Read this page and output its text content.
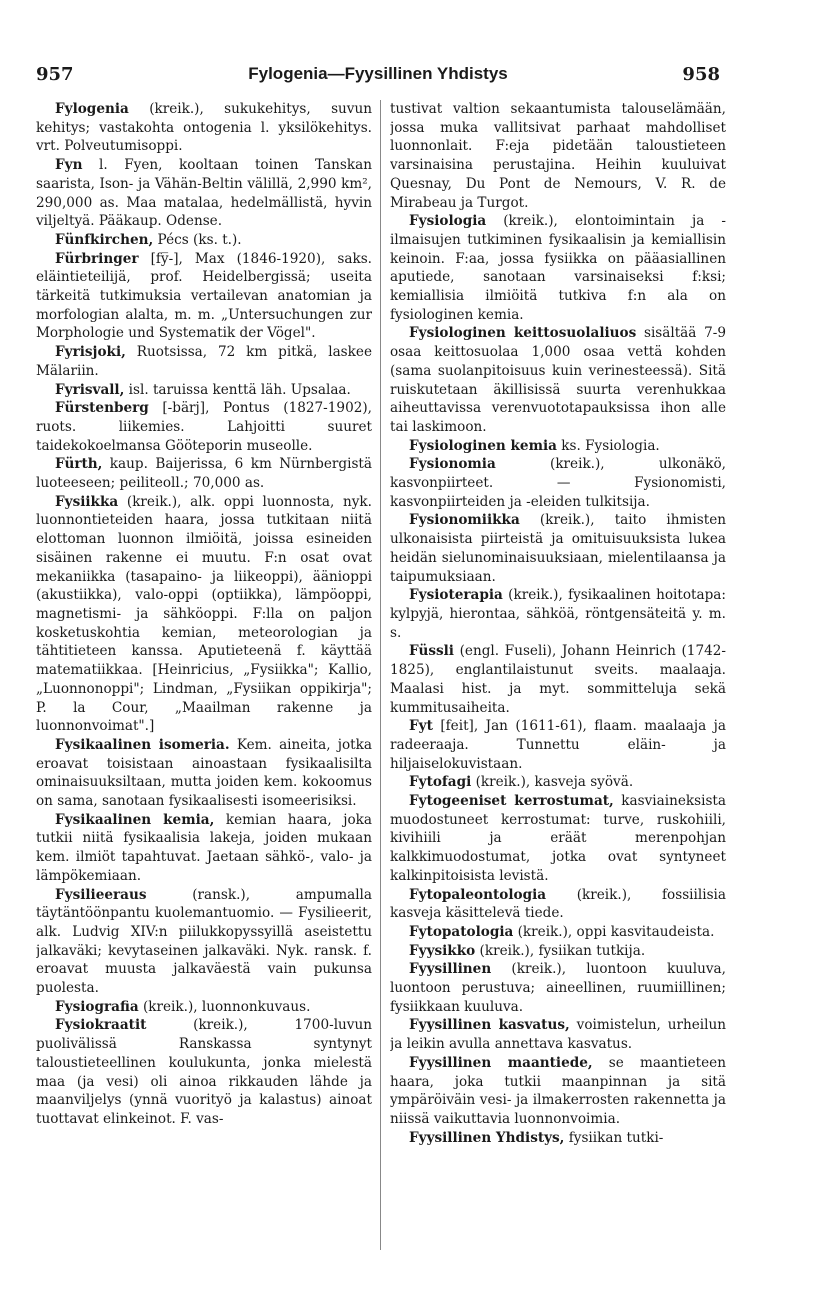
957	Fylogenia—Fyysillinen Yhdistys	958

Fylogenia (kreik.), sukukehitys, suvun kehitys; vastakohta ontogenia l. yksilökehitys. vrt. Polveutumisoppi.

Fyn l. Fyen, kooltaan toinen Tanskan saarista, Ison- ja Vähän-Beltin välillä, 2,990 km², 290,000 as. Maa matalaa, hedelmällistä, hyvin viljeltyä. Pääkaup. Odense.

Fünfkirchen, Pécs (ks. t.).

Fürbringer [fy̅-], Max (1846-1920), saks. eläintieteilijä, prof. Heidelbergissä; useita tärkeitä tutkimuksia vertailevan anatomian ja morfologian alalta, m. m. „Untersuchungen zur Morphologie und Systematik der Vögel".

Fyrisjoki, Ruotsissa, 72 km pitkä, laskee Mälariin.

Fyrisvall, isl. taruissa kenttä läh. Upsalaa.

Fürstenberg [-bärj], Pontus (1827-1902), ruots. liikemies. Lahjoitti suuret taidekokoelmansa Gööteporin museolle.

Fürth, kaup. Baijerissa, 6 km Nürnbergistä luoteeseen; peiliteoll.; 70,000 as.

Fysiikka (kreik.), alk. oppi luonnosta, nyk. luonnontieteiden haara, jossa tutkitaan niitä elottoman luonnon ilmiöitä, joissa esineiden sisäinen rakenne ei muutu. F:n osat ovat mekaniikka (tasapaino- ja liikeoppi), äänioppi (akustiikka), valo-oppi (optiikka), lämpöoppi, magnetismi- ja sähköoppi. F:lla on paljon kosketuskohtia kemian, meteorologian ja tähtitieteen kanssa. Aputieteenä f. käyttää matematiikkaa. [Heinricius, „Fysiikka"; Kallio, „Luonnonoppi"; Lindman, „Fysiikan oppikirja"; P. la Cour, „Maailman rakenne ja luonnonvoimat".]

Fysikaalinen isomeria. Kem. aineita, jotka eroavat toisistaan ainoastaan fysikaalisilta ominaisuuksiltaan, mutta joiden kem. kokoomus on sama, sanotaan fysikaalisesti isomeerisiksi.

Fysikaalinen kemia, kemian haara, joka tutkii niitä fysikaalisia lakeja, joiden mukaan kem. ilmiöt tapahtuvat. Jaetaan sähkö-, valo- ja lämpökemiaan.

Fysilieeraus (ransk.), ampumalla täytäntöönpantu kuolemantuomio. — Fysilieerit, alk. Ludvig XIV:n piilukkopyssyillä aseistettu jalkaväki; kevytaseinen jalkaväki. Nyk. ransk. f. eroavat muusta jalkaväestä vain pukunsa puolesta.

Fysiografia (kreik.), luonnonkuvaus.

Fysiokraatit (kreik.), 1700-luvun puolivälissä Ranskassa syntynyt taloustieteellinen koulukunta, jonka mielestä maa (ja vesi) oli ainoa rikkauden lähde ja maanviljelys (ynnä vuorityö ja kalastus) ainoat tuottavat elinkeinot. F. vas-

tustivat valtion sekaantumista talouselämään, jossa muka vallitsivat parhaat mahdolliset luonnonlait. F:eja pidetään taloustieteen varsinaisina perustajina. Heihin kuuluivat Quesnay, Du Pont de Nemours, V. R. de Mirabeau ja Turgot.

Fysiologia (kreik.), elontoimintain ja -ilmaisujen tutkiminen fysikaalisin ja kemiallisin keinoin. F:aa, jossa fysiikka on pääasiallinen aputiede, sanotaan varsinaiseksi f:ksi; kemiallisia ilmiöitä tutkiva f:n ala on fysiologinen kemia.

Fysiologinen keittosuolaliuos sisältää 7-9 osaa keittosuolaa 1,000 osaa vettä kohden (sama suolanpitoisuus kuin verinesteessä). Sitä ruiskutetaan äkillisissä suurta verenhukkaa aiheuttavissa verenvuototapauksissa ihon alle tai laskimoon.

Fysiologinen kemia ks. Fysiologia.

Fysionomia (kreik.), ulkonäkö, kasvonpiirteet. — Fysionomisti, kasvonpiirteiden ja -eleiden tulkitsija.

Fysionomiikka (kreik.), taito ihmisten ulkonaisista piirteistä ja omituisuuksista lukea heidän sielunominaisuuksiaan, mielentilaansa ja taipumuksiaan.

Fysioterapia (kreik.), fysikaalinen hoitotapa: kylpyjä, hierontaa, sähköä, röntgensäteitä y. m. s.

Füssli (engl. Fuseli), Johann Heinrich (1742-1825), englantilaistunut sveits. maalaaja. Maalasi hist. ja myt. sommitteluja sekä kummitusaiheita.

Fyt [feit], Jan (1611-61), flaam. maalaaja ja radeeraaja. Tunnettu eläin- ja hiljaiselokuvistaan.

Fytofagi (kreik.), kasveja syövä.

Fytogeeniset kerrostumat, kasviaineksista muodostuneet kerrostumat: turve, ruskohiili, kivihiili ja eräät merenpohjan kalkkimuodostumat, jotka ovat syntyneet kalkinpitoisista levistä.

Fytopaleontologia (kreik.), fossiilisia kasveja käsittelevä tiede.

Fytopatologia (kreik.), oppi kasvitaudeista.

Fyysikko (kreik.), fysiikan tutkija.

Fyysillinen (kreik.), luontoon kuuluva, luontoon perustuva; aineellinen, ruumiillinen; fysiikkaan kuuluva.

Fyysillinen kasvatus, voimistelun, urheilun ja leikin avulla annettava kasvatus.

Fyysillinen maantiede, se maantieteen haara, joka tutkii maanpinnan ja sitä ympäröiväin vesi- ja ilmakerrosten rakennetta ja niissä vaikuttavia luonnonvoimia.

Fyysillinen Yhdistys, fysiikan tutki-
